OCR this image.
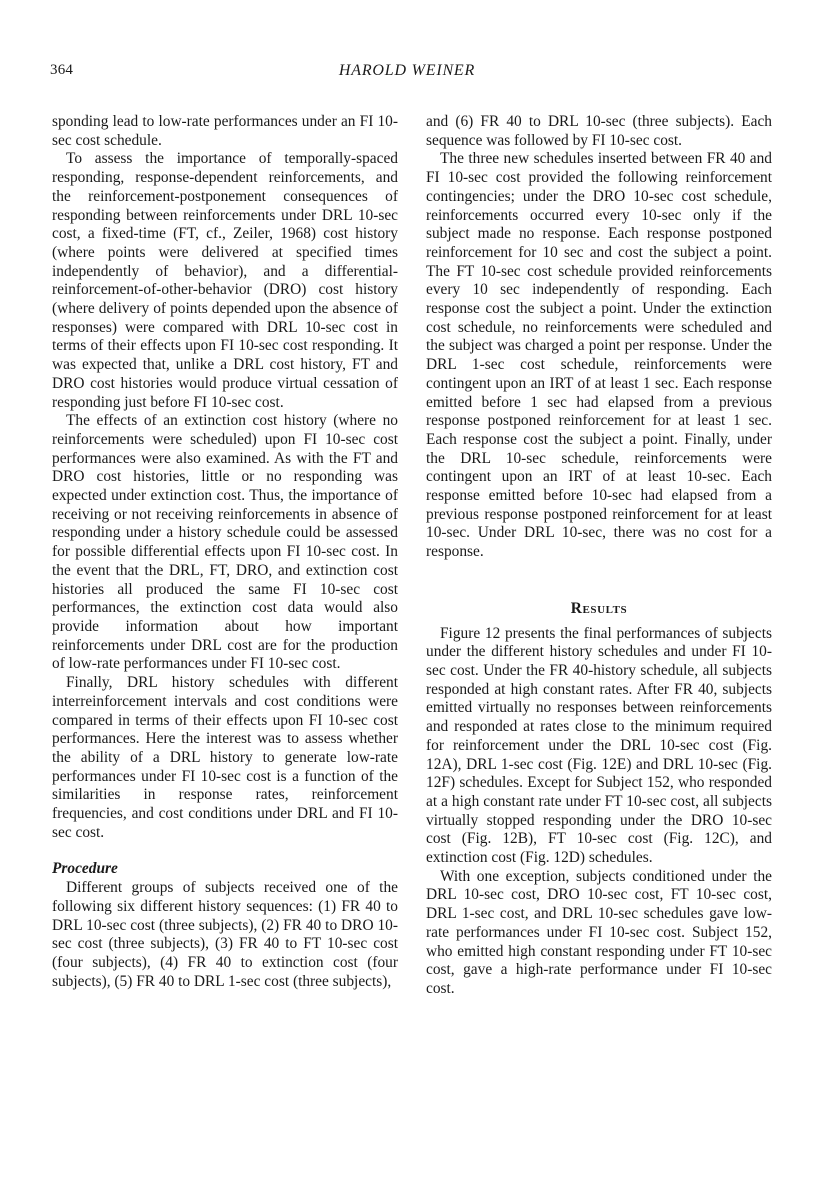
364	HAROLD WEINER

sponding lead to low-rate performances under an FI 10-sec cost schedule.

To assess the importance of temporally-spaced responding, response-dependent reinforcements, and the reinforcement-postponement consequences of responding between reinforcements under DRL 10-sec cost, a fixed-time (FT, cf., Zeiler, 1968) cost history (where points were delivered at specified times independently of behavior), and a differential-reinforcement-of-other-behavior (DRO) cost history (where delivery of points depended upon the absence of responses) were compared with DRL 10-sec cost in terms of their effects upon FI 10-sec cost responding. It was expected that, unlike a DRL cost history, FT and DRO cost histories would produce virtual cessation of responding just before FI 10-sec cost.

The effects of an extinction cost history (where no reinforcements were scheduled) upon FI 10-sec cost performances were also examined. As with the FT and DRO cost histories, little or no responding was expected under extinction cost. Thus, the importance of receiving or not receiving reinforcements in absence of responding under a history schedule could be assessed for possible differential effects upon FI 10-sec cost. In the event that the DRL, FT, DRO, and extinction cost histories all produced the same FI 10-sec cost performances, the extinction cost data would also provide information about how important reinforcements under DRL cost are for the production of low-rate performances under FI 10-sec cost.

Finally, DRL history schedules with different interreinforcement intervals and cost conditions were compared in terms of their effects upon FI 10-sec cost performances. Here the interest was to assess whether the ability of a DRL history to generate low-rate performances under FI 10-sec cost is a function of the similarities in response rates, reinforcement frequencies, and cost conditions under DRL and FI 10-sec cost.

Procedure

Different groups of subjects received one of the following six different history sequences: (1) FR 40 to DRL 10-sec cost (three subjects), (2) FR 40 to DRO 10-sec cost (three subjects), (3) FR 40 to FT 10-sec cost (four subjects), (4) FR 40 to extinction cost (four subjects), (5) FR 40 to DRL 1-sec cost (three subjects),

and (6) FR 40 to DRL 10-sec (three subjects). Each sequence was followed by FI 10-sec cost.

The three new schedules inserted between FR 40 and FI 10-sec cost provided the following reinforcement contingencies; under the DRO 10-sec cost schedule, reinforcements occurred every 10-sec only if the subject made no response. Each response postponed reinforcement for 10 sec and cost the subject a point. The FT 10-sec cost schedule provided reinforcements every 10 sec independently of responding. Each response cost the subject a point. Under the extinction cost schedule, no reinforcements were scheduled and the subject was charged a point per response. Under the DRL 1-sec cost schedule, reinforcements were contingent upon an IRT of at least 1 sec. Each response emitted before 1 sec had elapsed from a previous response postponed reinforcement for at least 1 sec. Each response cost the subject a point. Finally, under the DRL 10-sec schedule, reinforcements were contingent upon an IRT of at least 10-sec. Each response emitted before 10-sec had elapsed from a previous response postponed reinforcement for at least 10-sec. Under DRL 10-sec, there was no cost for a response.

Results

Figure 12 presents the final performances of subjects under the different history schedules and under FI 10-sec cost. Under the FR 40-history schedule, all subjects responded at high constant rates. After FR 40, subjects emitted virtually no responses between reinforcements and responded at rates close to the minimum required for reinforcement under the DRL 10-sec cost (Fig. 12A), DRL 1-sec cost (Fig. 12E) and DRL 10-sec (Fig. 12F) schedules. Except for Subject 152, who responded at a high constant rate under FT 10-sec cost, all subjects virtually stopped responding under the DRO 10-sec cost (Fig. 12B), FT 10-sec cost (Fig. 12C), and extinction cost (Fig. 12D) schedules.

With one exception, subjects conditioned under the DRL 10-sec cost, DRO 10-sec cost, FT 10-sec cost, DRL 1-sec cost, and DRL 10-sec schedules gave low-rate performances under FI 10-sec cost. Subject 152, who emitted high constant responding under FT 10-sec cost, gave a high-rate performance under FI 10-sec cost.
